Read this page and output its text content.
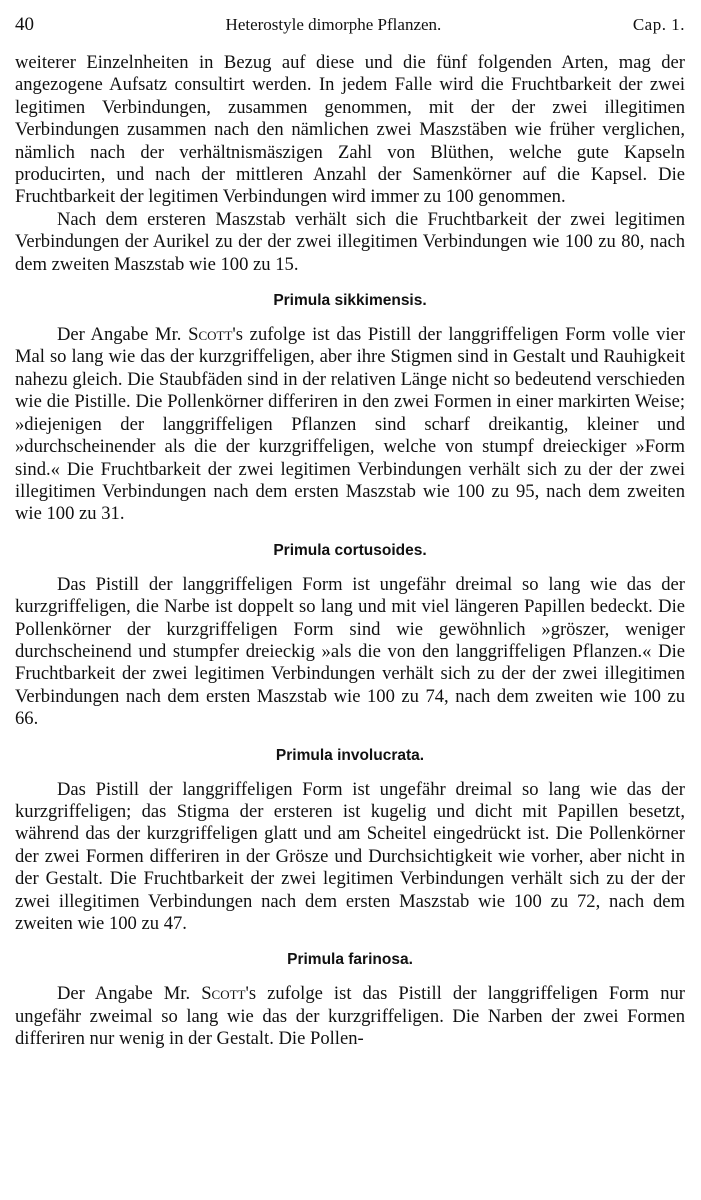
40	Heterostyle dimorphe Pflanzen.	Cap. 1.

weiterer Einzelnheiten in Bezug auf diese und die fünf folgenden Arten, mag der angezogene Aufsatz consultirt werden. In jedem Falle wird die Fruchtbarkeit der zwei legitimen Verbindungen, zusammen genommen, mit der der zwei illegitimen Verbindungen zusammen nach den nämlichen zwei Maszstäben wie früher verglichen, nämlich nach der verhältnismäszigen Zahl von Blüthen, welche gute Kapseln producirten, und nach der mittleren Anzahl der Samenkörner auf die Kapsel. Die Fruchtbarkeit der legitimen Verbindungen wird immer zu 100 genommen.

Nach dem ersteren Maszstab verhält sich die Fruchtbarkeit der zwei legitimen Verbindungen der Aurikel zu der der zwei illegitimen Verbindungen wie 100 zu 80, nach dem zweiten Maszstab wie 100 zu 15.

Primula sikkimensis.

Der Angabe Mr. Scott's zufolge ist das Pistill der langgriffeligen Form volle vier Mal so lang wie das der kurzgriffeligen, aber ihre Stigmen sind in Gestalt und Rauhigkeit nahezu gleich. Die Staubfäden sind in der relativen Länge nicht so bedeutend verschieden wie die Pistille. Die Pollenkörner differiren in den zwei Formen in einer markirten Weise; »diejenigen der langgriffeligen Pflanzen sind scharf dreikantig, kleiner und »durchscheinender als die der kurzgriffeligen, welche von stumpf dreieckiger »Form sind.« Die Fruchtbarkeit der zwei legitimen Verbindungen verhält sich zu der der zwei illegitimen Verbindungen nach dem ersten Maszstab wie 100 zu 95, nach dem zweiten wie 100 zu 31.

Primula cortusoides.

Das Pistill der langgriffeligen Form ist ungefähr dreimal so lang wie das der kurzgriffeligen, die Narbe ist doppelt so lang und mit viel längeren Papillen bedeckt. Die Pollenkörner der kurzgriffeligen Form sind wie gewöhnlich »gröszer, weniger durchscheinend und stumpfer dreieckig »als die von den langgriffeligen Pflanzen.« Die Fruchtbarkeit der zwei legitimen Verbindungen verhält sich zu der der zwei illegitimen Verbindungen nach dem ersten Maszstab wie 100 zu 74, nach dem zweiten wie 100 zu 66.

Primula involucrata.

Das Pistill der langgriffeligen Form ist ungefähr dreimal so lang wie das der kurzgriffeligen; das Stigma der ersteren ist kugelig und dicht mit Papillen besetzt, während das der kurzgriffeligen glatt und am Scheitel eingedrückt ist. Die Pollenkörner der zwei Formen differiren in der Grösze und Durchsichtigkeit wie vorher, aber nicht in der Gestalt. Die Fruchtbarkeit der zwei legitimen Verbindungen verhält sich zu der der zwei illegitimen Verbindungen nach dem ersten Maszstab wie 100 zu 72, nach dem zweiten wie 100 zu 47.

Primula farinosa.

Der Angabe Mr. Scott's zufolge ist das Pistill der langgriffeligen Form nur ungefähr zweimal so lang wie das der kurzgriffeligen. Die Narben der zwei Formen differiren nur wenig in der Gestalt. Die Pollen-
